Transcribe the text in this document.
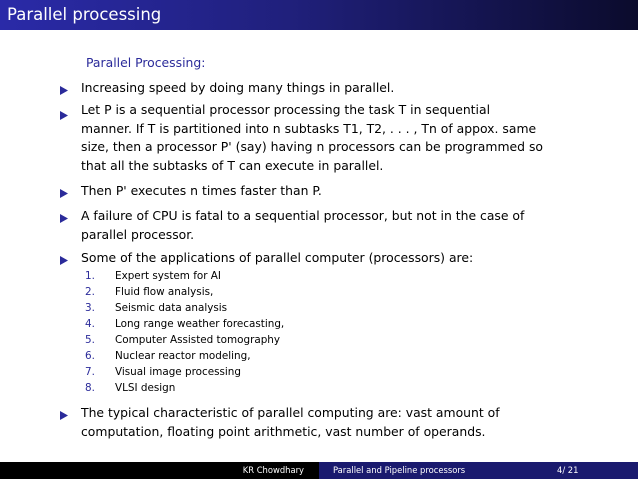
Parallel processing
Parallel Processing:
Increasing speed by doing many things in parallel.
Let P is a sequential processor processing the task T in sequential
manner. If T is partitioned into n subtasks T1, T2, . . . , Tn of appox. same
size, then a processor P' (say) having n processors can be programmed so
that all the subtasks of T can execute in parallel.
Then P' executes n times faster than P.
A failure of CPU is fatal to a sequential processor, but not in the case of
parallel processor.
Some of the applications of parallel computer (processors) are:
1.	Expert system for AI
2.	Fluid flow analysis,
3.	Seismic data analysis
4.	Long range weather forecasting,
5.	Computer Assisted tomography
6.	Nuclear reactor modeling,
7.	Visual image processing
8.	VLSI design
The typical characteristic of parallel computing are: vast amount of
computation, floating point arithmetic, vast number of operands.
KR Chowdhary	Parallel and Pipeline processors	4/ 21
